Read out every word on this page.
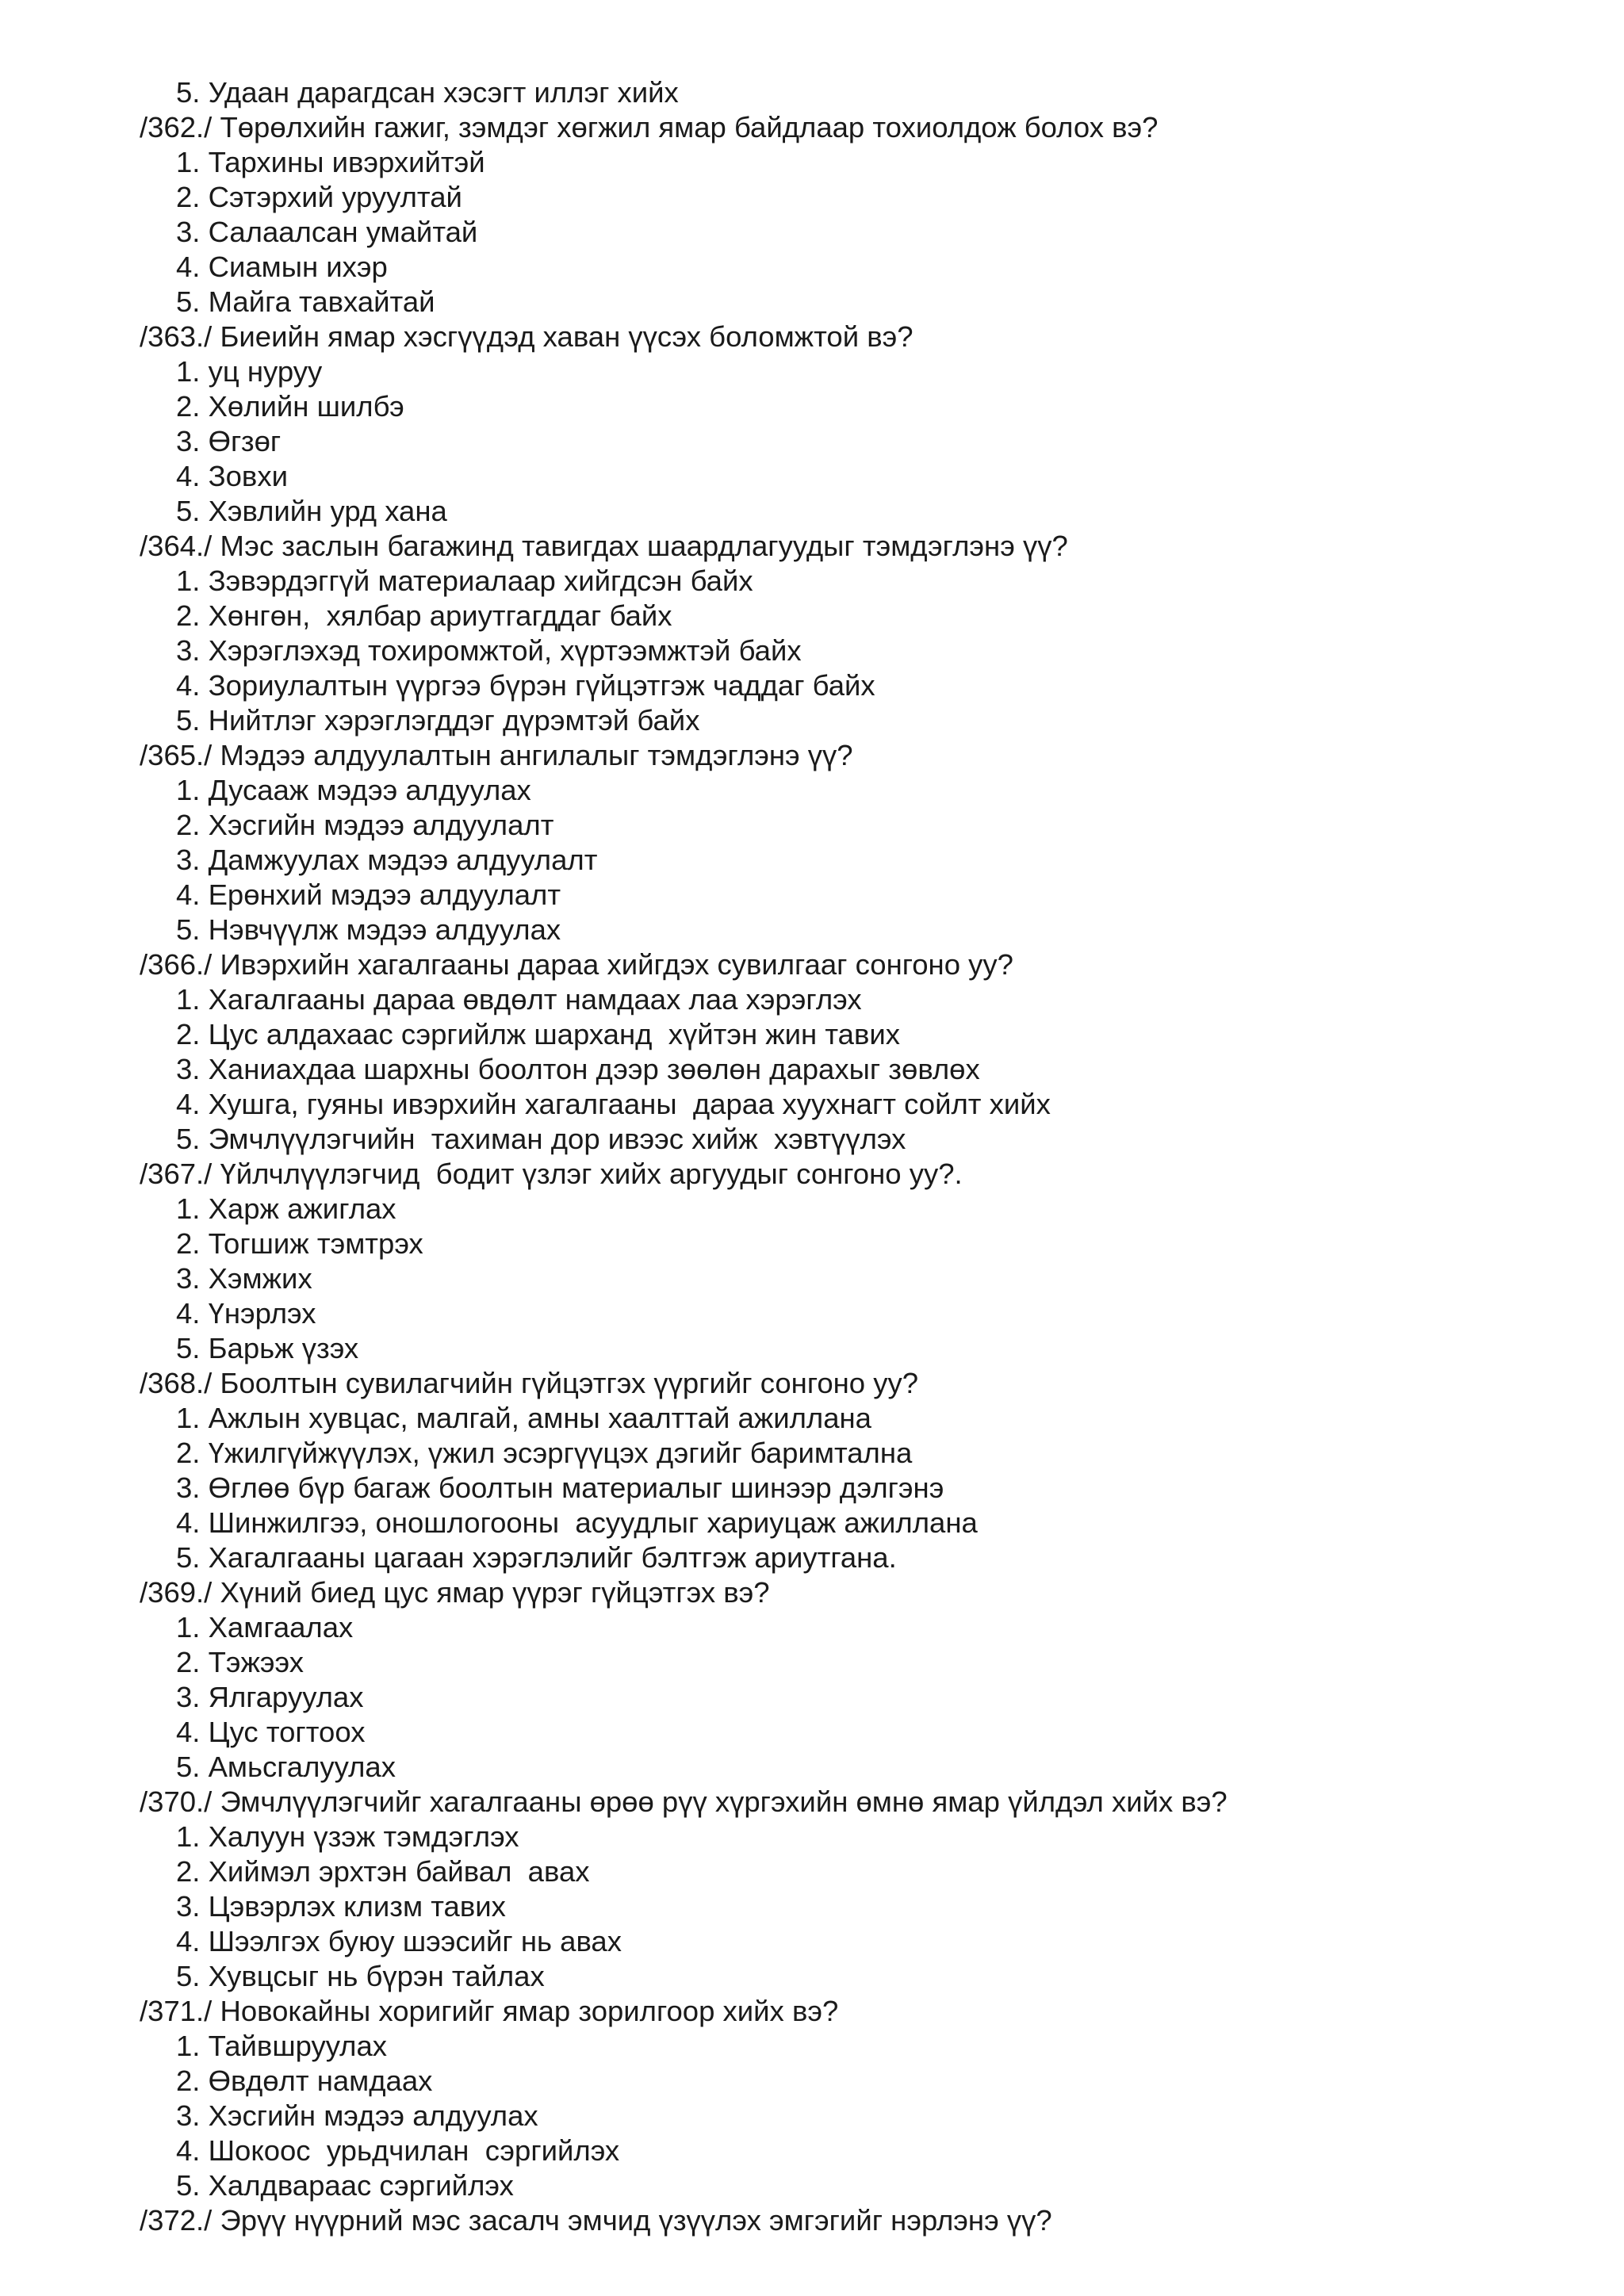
5. Удаан дарагдсан хэсэгт иллэг хийх
/362./ Төрөлхийн гажиг, зэмдэг хөгжил ямар байдлаар тохиолдож болох вэ?
1. Тархины ивэрхийтэй
2. Сэтэрхий уруултай
3. Салаалсан умайтай
4. Сиамын ихэр
5. Майга тавхайтай
/363./ Биеийн ямар хэсгүүдэд хаван үүсэх боломжтой вэ?
1. уц нуруу
2. Хөлийн шилбэ
3. Өгзөг
4. Зовхи
5. Хэвлийн урд хана
/364./ Мэс заслын багажинд тавигдах шаардлагуудыг тэмдэглэнэ үү?
1. Зэвэрдэггүй материалаар хийгдсэн байх
2. Хөнгөн,  хялбар ариутгагддаг байх
3. Хэрэглэхэд тохиромжтой, хүртээмжтэй байх
4. Зориулалтын үүргээ бүрэн гүйцэтгэж чаддаг байх
5. Нийтлэг хэрэглэгддэг дүрэмтэй байх
/365./ Мэдээ алдуулалтын ангилалыг тэмдэглэнэ үү?
1. Дусааж мэдээ алдуулах
2. Хэсгийн мэдээ алдуулалт
3. Дамжуулах мэдээ алдуулалт
4. Ерөнхий мэдээ алдуулалт
5. Нэвчүүлж мэдээ алдуулах
/366./ Ивэрхийн хагалгааны дараа хийгдэх сувилгааг сонгоно уу?
1. Хагалгааны дараа өвдөлт намдаах лаа хэрэглэх
2. Цус алдахаас сэргийлж шарханд  хүйтэн жин тавих
3. Ханиахдаа шархны боолтон дээр зөөлөн дарахыг зөвлөх
4. Хушга, гуяны ивэрхийн хагалгааны  дараа хуухнагт сойлт хийх
5. Эмчлүүлэгчийн  тахиман дор ивээс хийж  хэвтүүлэх
/367./ Үйлчлүүлэгчид  бодит үзлэг хийх аргуудыг сонгоно уу?.
1. Харж ажиглах
2. Тогшиж тэмтрэх
3. Хэмжих
4. Үнэрлэх
5. Барьж үзэх
/368./ Боолтын сувилагчийн гүйцэтгэх үүргийг сонгоно уу?
1. Ажлын хувцас, малгай, амны хаалттай ажиллана
2. Үжилгүйжүүлэх, үжил эсэргүүцэх дэгийг баримтална
3. Өглөө бүр багаж боолтын материалыг шинээр дэлгэнэ
4. Шинжилгээ, оношлогооны  асуудлыг хариуцаж ажиллана
5. Хагалгааны цагаан хэрэглэлийг бэлтгэж ариутгана.
/369./ Хүний биед цус ямар үүрэг гүйцэтгэх вэ?
1. Хамгаалах
2. Тэжээх
3. Ялгаруулах
4. Цус тогтоох
5. Амьсгалуулах
/370./ Эмчлүүлэгчийг хагалгааны өрөө рүү хүргэхийн өмнө ямар үйлдэл хийх вэ?
1. Халуун үзэж тэмдэглэх
2. Хиймэл эрхтэн байвал  авах
3. Цэвэрлэх клизм тавих
4. Шээлгэх буюу шээсийг нь авах
5. Хувцсыг нь бүрэн тайлах
/371./ Новокайны хоригийг ямар зорилгоор хийх вэ?
1. Тайвшруулах
2. Өвдөлт намдаах
3. Хэсгийн мэдээ алдуулах
4. Шокоос  урьдчилан  сэргийлэх
5. Халдвараас сэргийлэх
/372./ Эрүү нүүрний мэс засалч эмчид үзүүлэх эмгэгийг нэрлэнэ үү?
